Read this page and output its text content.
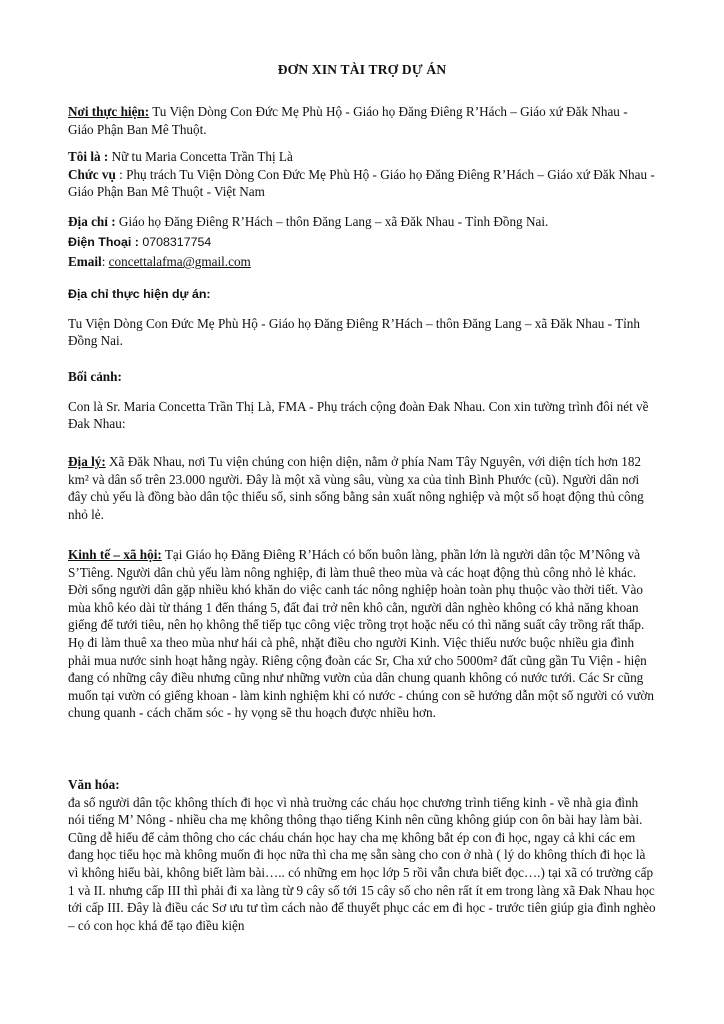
ĐƠN XIN TÀI TRỢ DỰ ÁN

Nơi thực hiện: Tu Viện Dòng Con Đức Mẹ Phù Hộ - Giáo họ Đăng Điêng R’Hách – Giáo xứ Đăk Nhau - Giáo Phận Ban Mê Thuột.

Tôi là : Nữ tu Maria Concetta Trần Thị Là

Chức vụ : Phụ trách Tu Viện Dòng Con Đức Mẹ Phù Hộ - Giáo họ Đăng Điêng R’Hách – Giáo xứ Đăk Nhau - Giáo Phận Ban Mê Thuột - Việt Nam

Địa chỉ : Giáo họ Đăng Điêng R’Hách – thôn Đăng Lang – xã Đăk Nhau - Tỉnh Đồng Nai.

Điện Thoại : 0708317754

Email: concettalafma@gmail.com

Địa chỉ thực hiện dự án:

Tu Viện Dòng Con Đức Mẹ Phù Hộ - Giáo họ Đăng Điêng R’Hách – thôn Đăng Lang – xã Đăk Nhau - Tỉnh Đồng Nai.

Bối cảnh:

Con là Sr. Maria Concetta Trần Thị Là, FMA - Phụ trách cộng đoàn Đak Nhau. Con xin tường trình đôi nét về Đak Nhau:

Địa lý: Xã Đăk Nhau, nơi Tu viện chúng con hiện diện, nằm ở phía Nam Tây Nguyên, với diện tích hơn 182 km² và dân số trên 23.000 người. Đây là một xã vùng sâu, vùng xa của tỉnh Bình Phước (cũ). Người dân nơi đây chủ yếu là đồng bào dân tộc thiểu số, sinh sống bằng sản xuất nông nghiệp và một số hoạt động thủ công nhỏ lẻ.

Kinh tế – xã hội: Tại Giáo họ Đăng Điêng R’Hách có bốn buôn làng, phần lớn là người dân tộc M’Nông và S’Tiêng. Người dân chủ yếu làm nông nghiệp, đi làm thuê theo mùa và các hoạt động thủ công nhỏ lẻ khác. Đời sống người dân gặp nhiều khó khăn do việc canh tác nông nghiệp hoàn toàn phụ thuộc vào thời tiết. Vào mùa khô kéo dài từ tháng 1 đến tháng 5, đất đai trở nên khô cằn, người dân nghèo không có khả năng khoan giếng để tưới tiêu, nên họ không thể tiếp tục công việc trồng trọt hoặc nếu có thì năng suất cây trồng rất thấp. Họ đi làm thuê xa theo mùa như hái cà phê, nhặt điều cho người Kinh. Việc thiếu nước buộc nhiều gia đình phải mua nước sinh hoạt hằng ngày. Riêng cộng đoàn các Sr, Cha xứ cho 5000m² đất cũng gần Tu Viện - hiện đang có những cây điều nhưng cũng như những vườn của dân chung quanh không có nước tưới. Các Sr cũng muốn tại vườn có giếng khoan - làm kinh nghiệm khi có nước - chúng con sẽ hướng dẫn một số người có vườn chung quanh - cách chăm sóc - hy vọng sẽ thu hoạch được nhiều hơn.

Văn hóa:

đa số người dân tộc không thích đi học vì nhà truờng các cháu học chương trình tiếng kinh - về nhà gia đình nói tiếng M’ Nông - nhiều cha mẹ không thông thạo tiếng Kinh nên cũng không giúp con ôn bài hay làm bài. Cũng dễ hiểu để cảm thông cho các cháu chán học hay cha mẹ không bắt ép con đi học, ngay cả khi các em đang học tiểu học mà không muốn đi học nữa thì cha mẹ sẵn sàng cho con ở nhà ( lý do không thích đi học là vì không hiểu bài, không biết làm bài….. có những em học lớp 5 rồi vẫn chưa biết đọc….) tại xã có trường cấp 1 và II. nhưng cấp III thì phải đi xa làng từ 9 cây số tới 15 cây số cho nên rất ít em trong làng xã Đak Nhau học tới cấp III. Đây là điều các Sơ ưu tư tìm cách nào để thuyết phục các em đi học - trước tiên giúp gia đình nghèo – có con học khá để tạo điều kiện
